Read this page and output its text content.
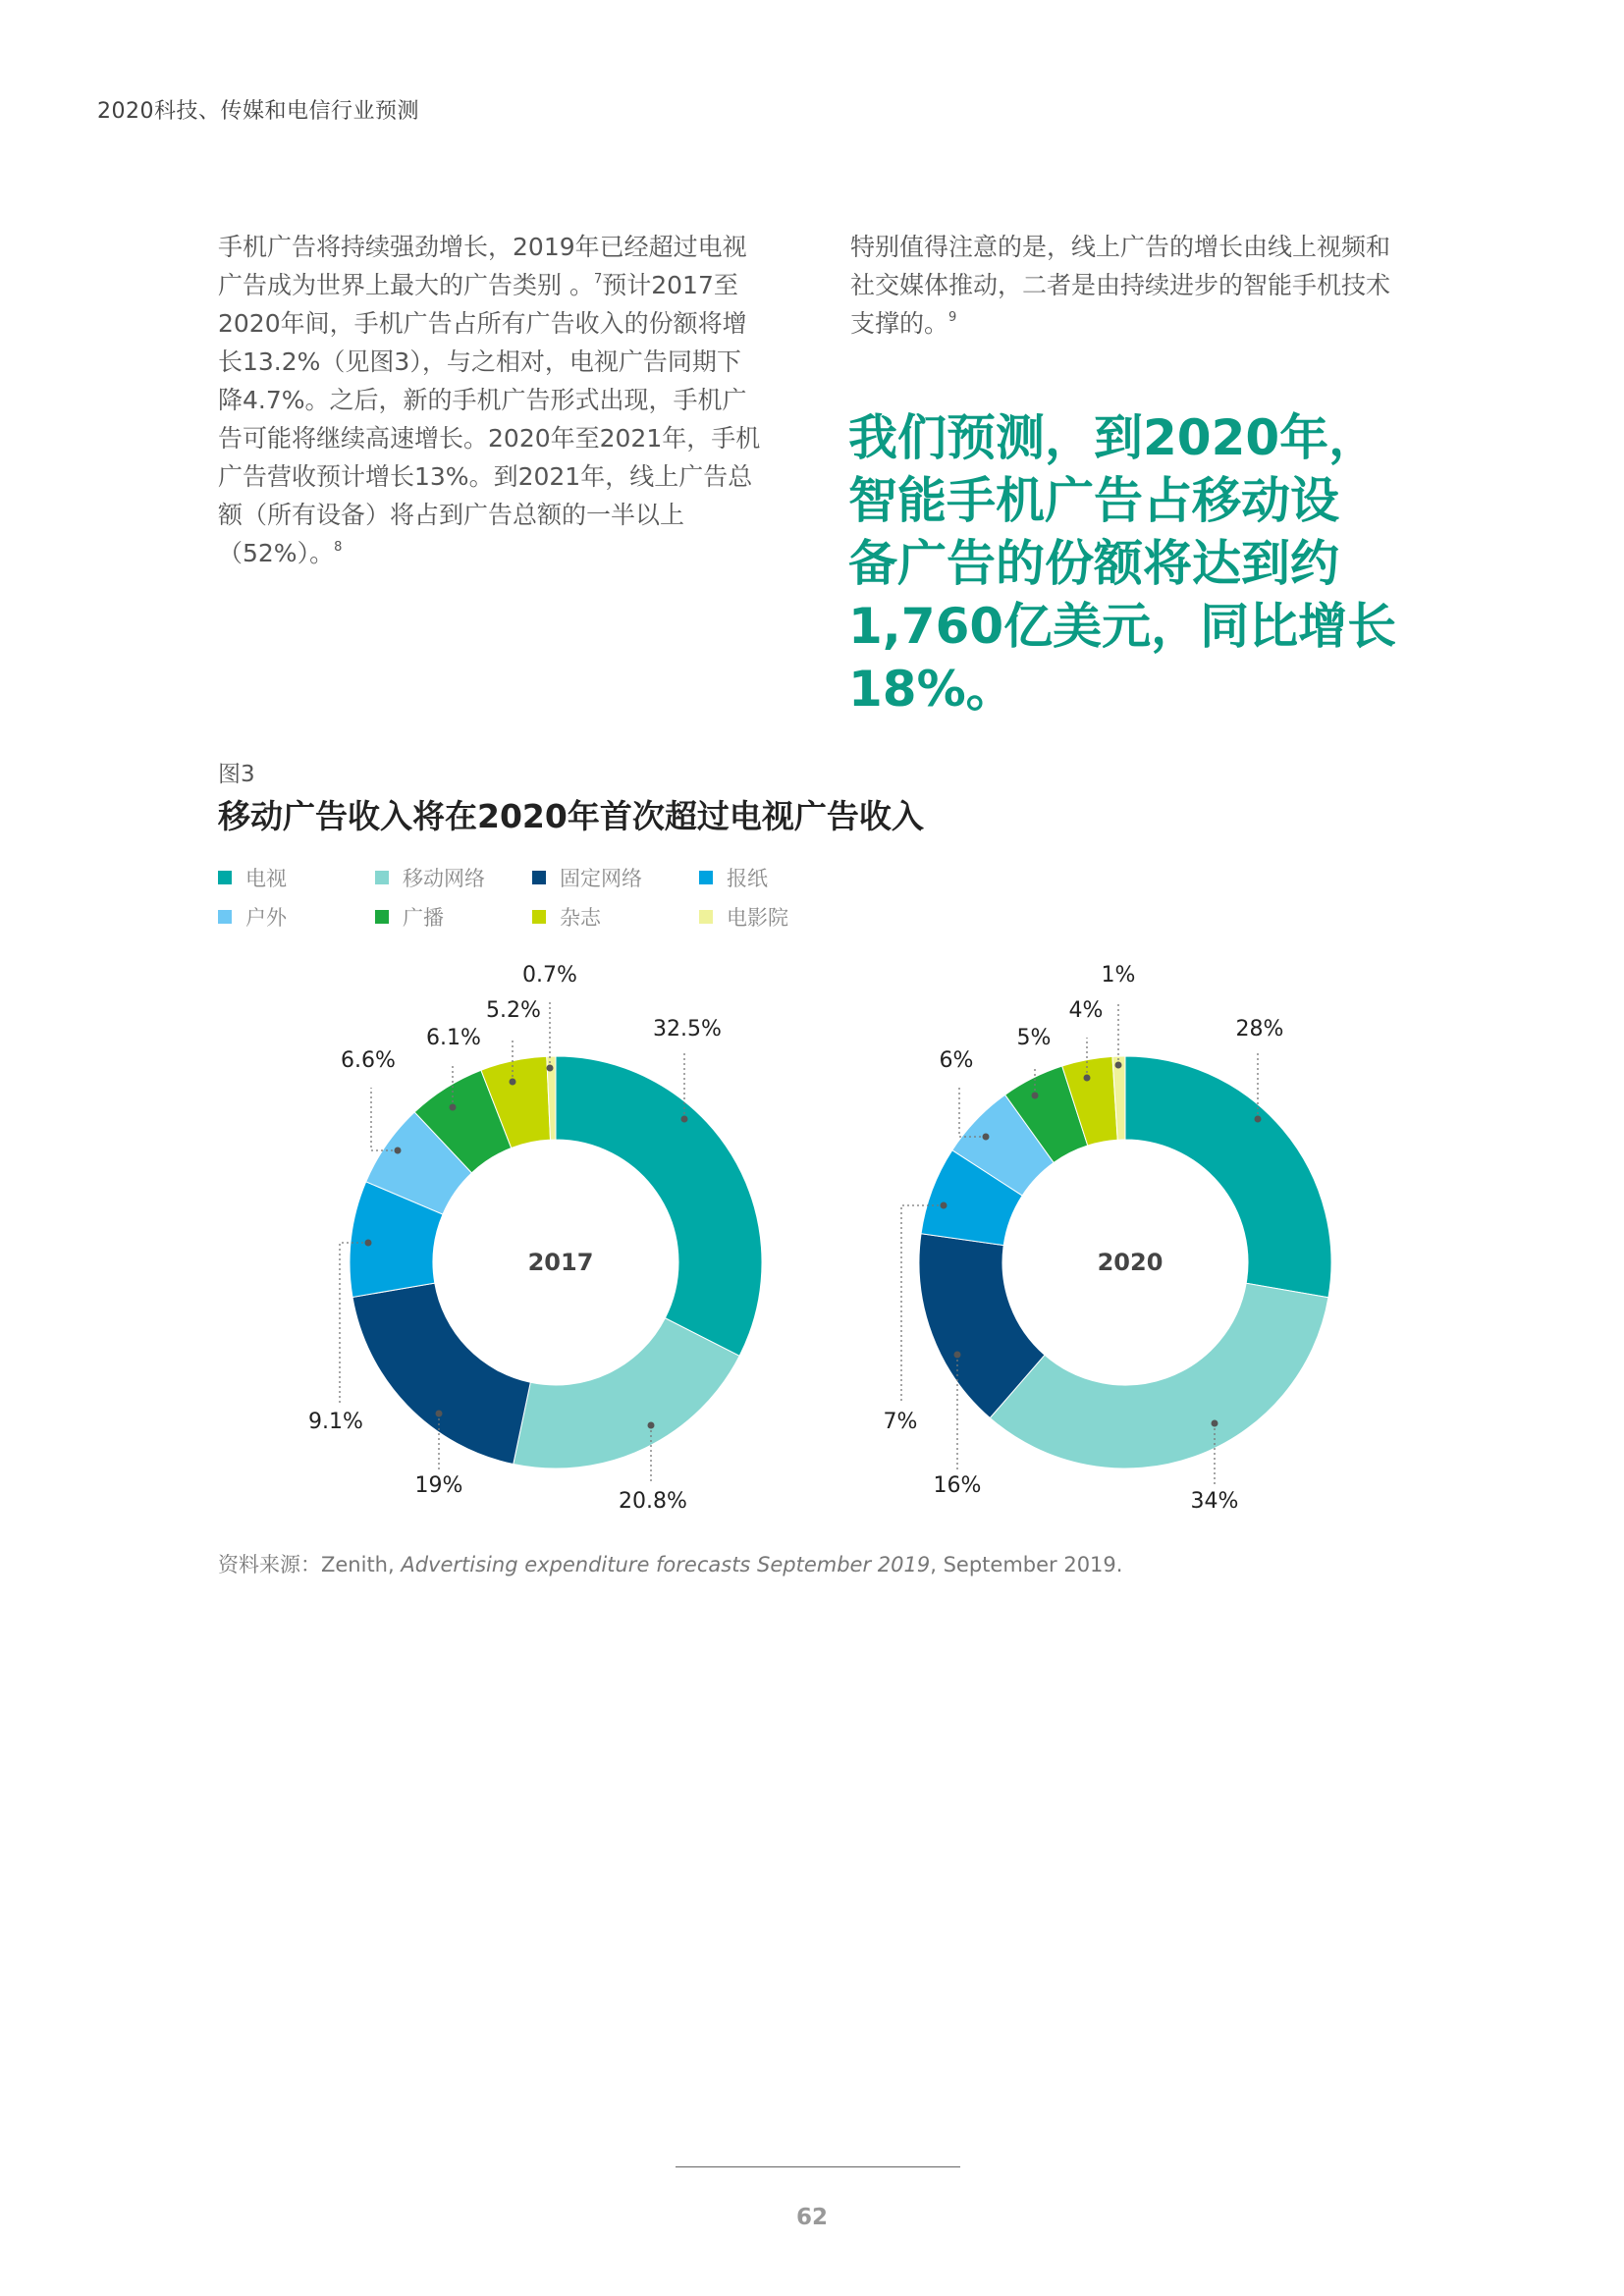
2020科技、传媒和电信行业预测
手机广告将持续强劲增长，2019年已经超过电视
广告成为世界上最大的广告类别 。$^7$预计2017至
2020年间，手机广告占所有广告收入的份额将增
长13.2%（见图3），与之相对，电视广告同期下
降4.7%。之后，新的手机广告形式出现，手机广
告可能将继续高速增长。2020年至2021年，手机
广告营收预计增长13%。到2021年，线上广告总
额（所有设备）将占到广告总额的一半以上
（52%）。$^8$
特别值得注意的是，线上广告的增长由线上视频和
社交媒体推动，二者是由持续进步的智能手机技术
支撑的。$^9$
我们预测，到2020年，
智能手机广告占移动设
备广告的份额将达到约
1,760亿美元，同比增长
18%。
图3
移动广告收入将在2020年首次超过电视广告收入
电视	移动网络	固定网络	报纸
户外	广播	杂志	电影院
32.5%
20.8%
19%
9.1%
6.6%
6.1%
5.2%
0.7%
2017
28%
34%
16%
7%
6%
5%
4%
1%
2020
资料来源：Zenith, Advertising expenditure forecasts September 2019, September 2019.
62
